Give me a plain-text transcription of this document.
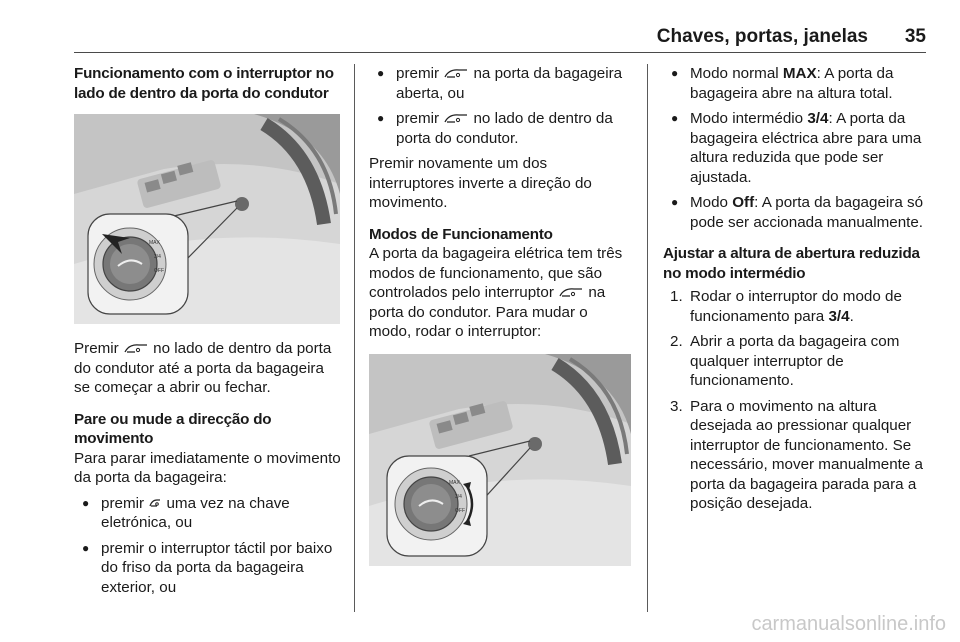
Chaves, portas, janelas 35

Funcionamento com o interruptor no lado de dentro da porta do condutor

MAX
3/4
OFF

Premir  no lado de dentro da porta do condutor até a porta da bagageira se começar a abrir ou fechar.

Pare ou mude a direcção do movimento

Para parar imediatamente o movimento da porta da bagageira:

● premir  uma vez na chave eletrónica, ou

● premir o interruptor táctil por baixo do friso da porta da bagageira exterior, ou

● premir  na porta da bagageira aberta, ou

● premir  no lado de dentro da porta do condutor.

Premir novamente um dos interruptores inverte a direção do movimento.

Modos de Funcionamento

A porta da bagageira elétrica tem três modos de funcionamento, que são controlados pelo interruptor  na porta do condutor. Para mudar o modo, rodar o interruptor:

MAX
3/4
OFF

● Modo normal MAX: A porta da bagageira abre na altura total.

● Modo intermédio 3/4: A porta da bagageira eléctrica abre para uma altura reduzida que pode ser ajustada.

● Modo Off: A porta da bagageira só pode ser accionada manualmente.

Ajustar a altura de abertura reduzida no modo intermédio

1. Rodar o interruptor do modo de funcionamento para 3/4.

2. Abrir a porta da bagageira com qualquer interruptor de funcionamento.

3. Para o movimento na altura desejada ao pressionar qualquer interruptor de funcionamento. Se necessário, mover manualmente a porta da bagageira parada para a posição desejada.

carmanualsonline.info
